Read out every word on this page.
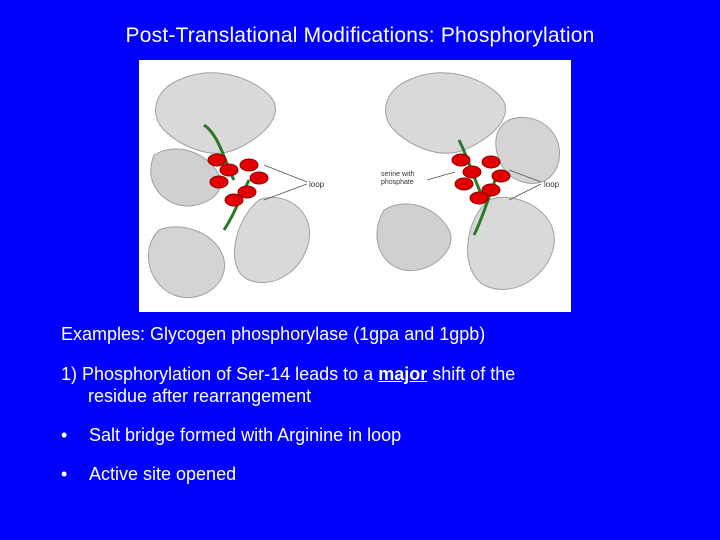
Post-Translational Modifications: Phosphorylation
loop
serine with
phosphate	loop

Examples: Glycogen phosphorylase (1gpa and 1gpb)

1) Phosphorylation of Ser-14 leads to a major shift of the

residue after rearrangement

•	Salt bridge formed with Arginine in loop
•	Active site opened
